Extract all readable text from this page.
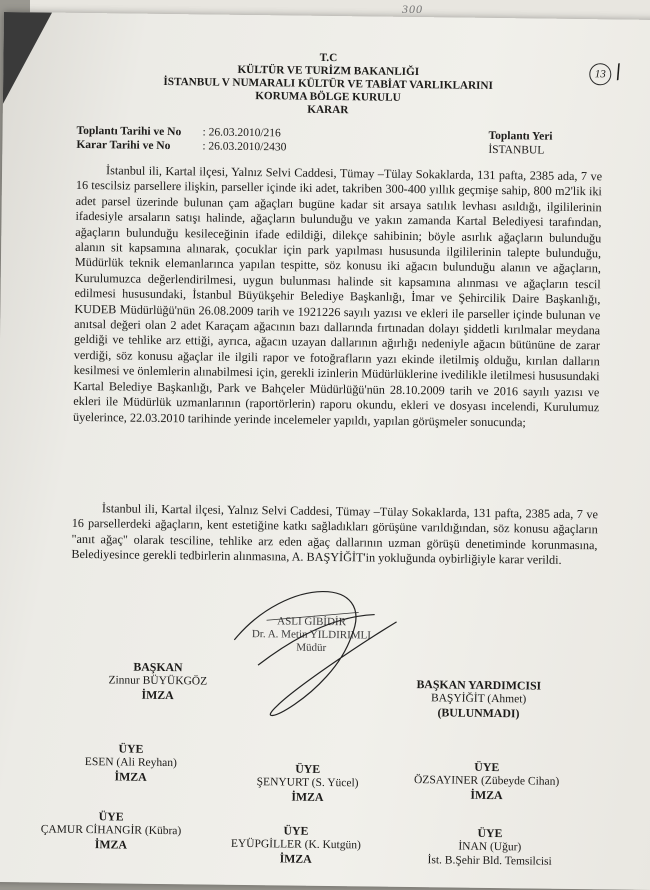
300
13 /
T.C
KÜLTÜR VE TURİZM BAKANLIĞI
İSTANBUL V NUMARALI KÜLTÜR VE TABİAT VARLIKLARINI
KORUMA BÖLGE KURULU
KARAR
Toplantı Tarihi ve No : 26.03.2010/216
Karar Tarihi ve No	: 26.03.2010/2430
Toplantı Yeri
İSTANBUL

İstanbul ili, Kartal ilçesi, Yalnız Selvi Caddesi, Tümay –Tülay Sokaklarda, 131 pafta, 2385 ada, 7 ve 16 tescilsiz parsellere ilişkin, parseller içinde iki adet, takriben 300-400 yıllık geçmişe sahip, 800 m2'lik iki adet parsel üzerinde bulunan çam ağaçları bugüne kadar sit arsaya satılık levhası asıldığı, ilgililerinin ifadesiyle arsaların satışı halinde, ağaçların bulunduğu ve yakın zamanda Kartal Belediyesi tarafından, ağaçların bulunduğu kesileceğinin ifade edildiği, dilekçe sahibinin; böyle asırlık ağaçların bulunduğu alanın sit kapsamına alınarak, çocuklar için park yapılması hususunda ilgililerinin talepte bulunduğu, Müdürlük teknik elemanlarınca yapılan tespitte, söz konusu iki ağacın bulunduğu alanın ve ağaçların, Kurulumuzca değerlendirilmesi, uygun bulunması halinde sit kapsamına alınması ve ağaçların tescil edilmesi hususundaki, İstanbul Büyükşehir Belediye Başkanlığı, İmar ve Şehircilik Daire Başkanlığı, KUDEB Müdürlüğü'nün 26.08.2009 tarih ve 1921226 sayılı yazısı ve ekleri ile parseller içinde bulunan ve anıtsal değeri olan 2 adet Karaçam ağacının bazı dallarında fırtınadan dolayı şiddetli kırılmalar meydana geldiği ve tehlike arz ettiği, ayrıca, ağacın uzayan dallarının ağırlığı nedeniyle ağacın bütününe de zarar verdiği, söz konusu ağaçlar ile ilgili rapor ve fotoğrafların yazı ekinde iletilmiş olduğu, kırılan dalların kesilmesi ve önlemlerin alınabilmesi için, gerekli izinlerin Müdürlüklerine ivedilikle iletilmesi hususundaki Kartal Belediye Başkanlığı, Park ve Bahçeler Müdürlüğü'nün 28.10.2009 tarih ve 2016 sayılı yazısı ve ekleri ile Müdürlük uzmanlarının (raportörlerin) raporu okundu, ekleri ve dosyası incelendi, Kurulumuz üyelerince, 22.03.2010 tarihinde yerinde incelemeler yapıldı, yapılan görüşmeler sonucunda;

İstanbul ili, Kartal ilçesi, Yalnız Selvi Caddesi, Tümay –Tülay Sokaklarda, 131 pafta, 2385 ada, 7 ve 16 parsellerdeki ağaçların, kent estetiğine katkı sağladıkları görüşüne varıldığından, söz konusu ağaçların "anıt ağaç" olarak tesciline, tehlike arz eden ağaç dallarının uzman görüşü denetiminde korunmasına, Belediyesince gerekli tedbirlerin alınmasına, A. BAŞYİĞİT'in yokluğunda oybirliğiyle karar verildi.

ASLI GİBİDİR
Dr. A. Metin YILDIRIMLI
Müdür
BAŞKAN
Zinnur BÜYÜKGÖZ
İMZA
BAŞKAN YARDIMCISI
BAŞYİĞİT (Ahmet)
(BULUNMADI)
ÜYE
ESEN (Ali Reyhan)
İMZA
ÜYE
ŞENYURT (S. Yücel)
İMZA
ÜYE
ÖZSAYINER (Zübeyde Cihan)
İMZA
ÜYE
ÇAMUR CİHANGİR (Kübra)
İMZA
ÜYE
EYÜPGİLLER (K. Kutgün)
İMZA
ÜYE
İNAN (Uğur)
İst. B.Şehir Bld. Temsilcisi
